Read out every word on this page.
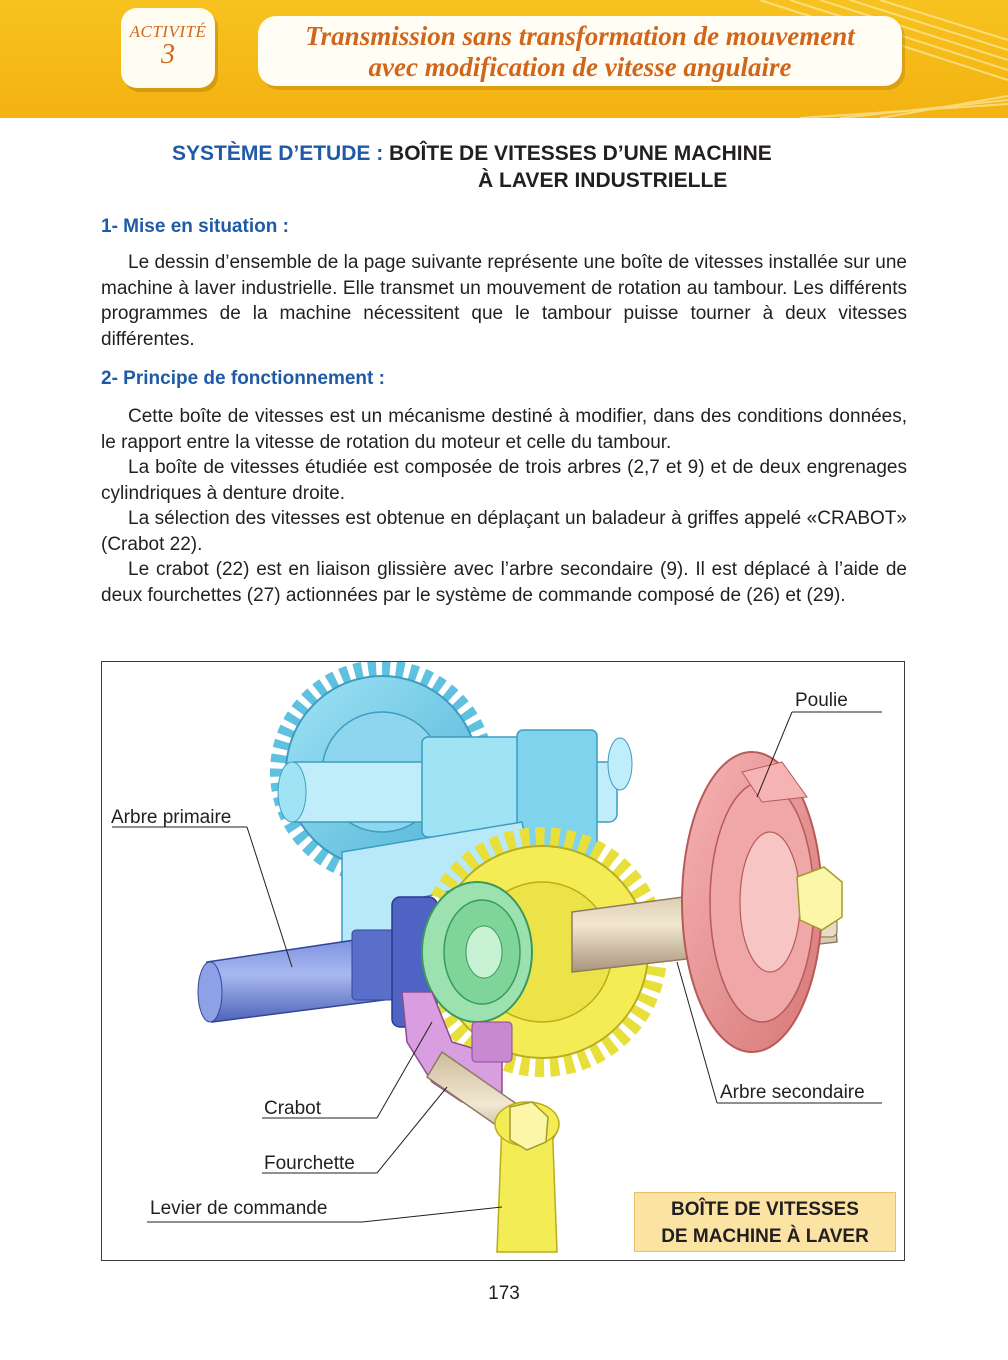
ACTIVITÉ
3
Transmission sans transformation de mouvement
avec modification de vitesse angulaire
SYSTÈME D’ETUDE : BOÎTE DE VITESSES D’UNE MACHINE
À LAVER INDUSTRIELLE
1- Mise en situation :

Le dessin d’ensemble de la page suivante représente une boîte de vitesses installée sur une machine à laver industrielle. Elle transmet un mouvement de rotation au tambour. Les différents programmes de la machine nécessitent que le tambour puisse tourner à deux vitesses différentes.

2- Principe de fonctionnement :

Cette boîte de vitesses est un mécanisme destiné à modifier, dans des conditions données, le rapport entre la vitesse de rotation du moteur et celle du tambour.

La boîte de vitesses étudiée est composée de trois arbres (2,7 et 9) et de deux engrenages cylindriques à denture droite.

La sélection des vitesses est obtenue en déplaçant un baladeur à griffes appelé «CRABOT» (Crabot 22).

Le crabot (22) est en liaison glissière avec l’arbre secondaire (9). Il est déplacé à l’aide de deux fourchettes (27) actionnées par le système de commande composé de (26) et (29).

Poulie
Arbre primaire
Arbre secondaire
Crabot
Fourchette
Levier de commande	BOÎTE DE VITESSES
DE MACHINE À LAVER
173
